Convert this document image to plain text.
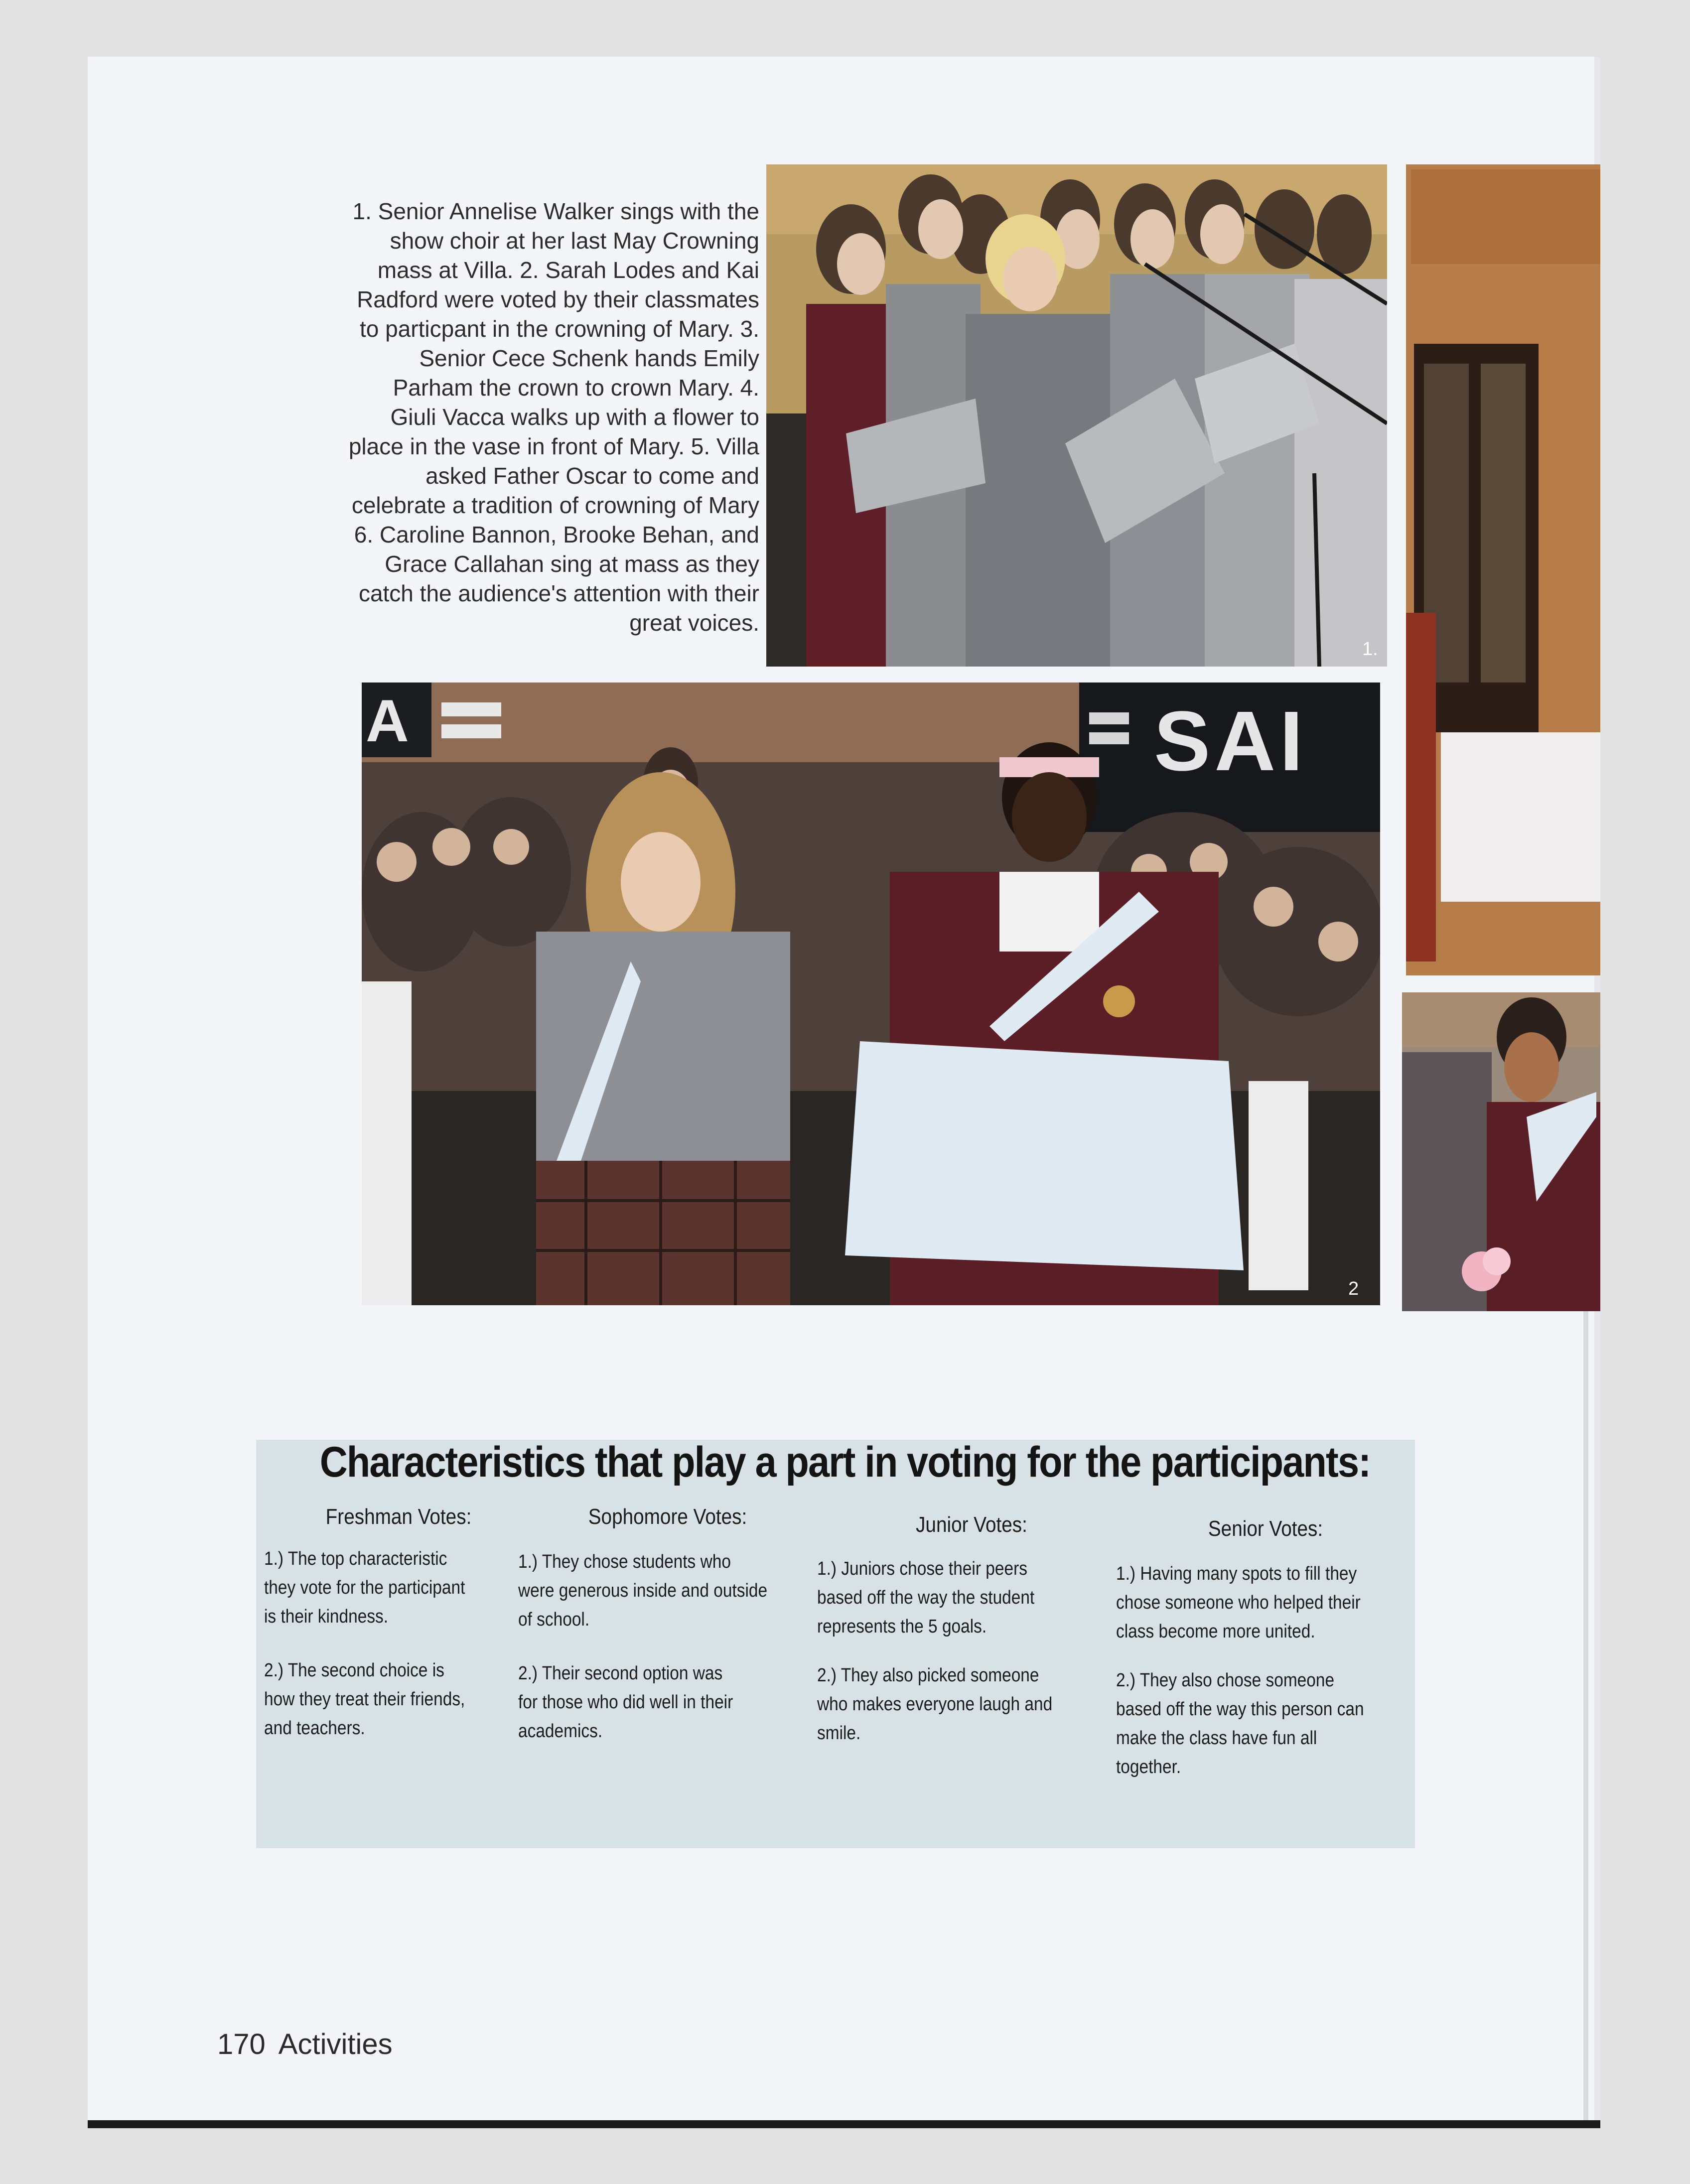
1. Senior Annelise Walker sings with the show choir at her last May Crowning mass at Villa. 2. Sarah Lodes and Kai Radford were voted by their classmates to particpant in the crowning of Mary. 3. Senior Cece Schenk hands Emily Parham the crown to crown Mary. 4. Giuli Vacca walks up with a flower to place in the vase in front of Mary. 5. Villa asked Father Oscar to come and celebrate a tradition of crowning of Mary 6. Caroline Bannon, Brooke Behan, and Grace Callahan sing at mass as they catch the audience's attention with their great voices.
1.
A	SAI
2
Characteristics that play a part in voting for the participants:
Freshman Votes:
1.) The top characteristic they vote for the participant is their kindness.
2.) The second choice is how they treat their friends, and teachers.
Sophomore Votes:
1.) They chose students who were generous inside and outside of school.
2.) Their second option was for those who did well in their academics.
Junior Votes:
1.) Juniors chose their peers based off the way the student represents the 5 goals.
2.) They also picked someone who makes everyone laugh and smile.
Senior Votes:
1.) Having many spots to fill they chose someone who helped their class become more united.
2.) They also chose someone based off the way this person can make the class have fun all together.
170 Activities
